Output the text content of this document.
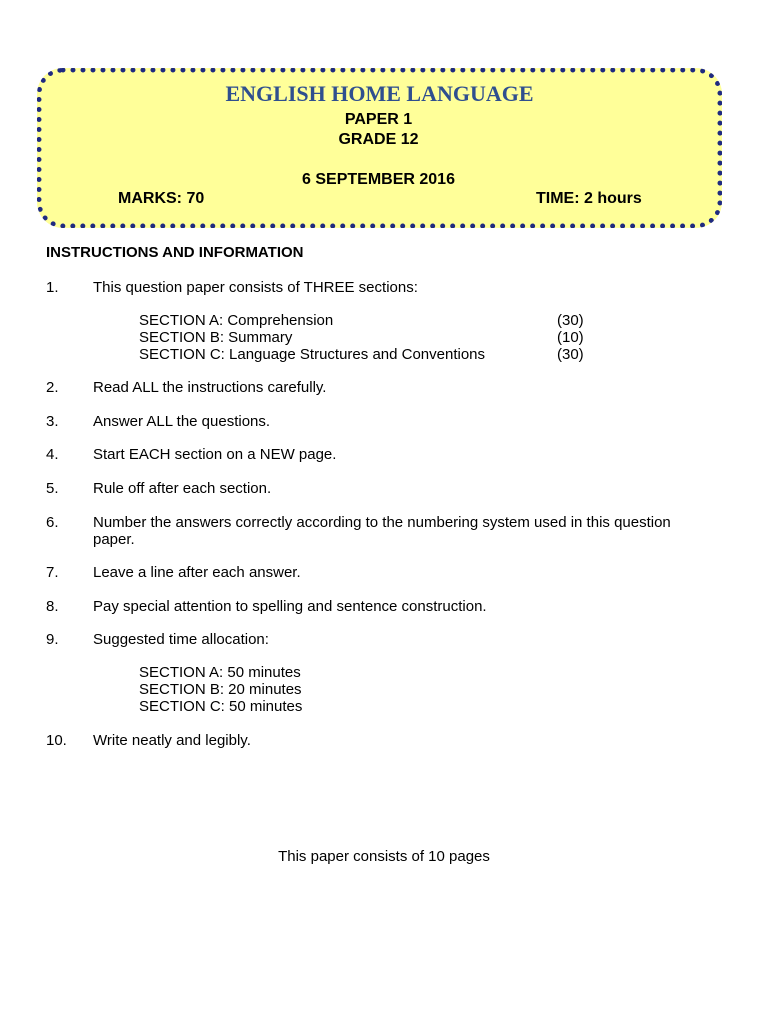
ENGLISH HOME LANGUAGE
PAPER 1
GRADE 12
6 SEPTEMBER 2016
MARKS: 70	TIME: 2 hours
INSTRUCTIONS AND INFORMATION
1. This question paper consists of THREE sections:
SECTION A: Comprehension	(30)
SECTION B: Summary	(10)
SECTION C: Language Structures and Conventions	(30)
2. Read ALL the instructions carefully.
3. Answer ALL the questions.
4. Start EACH section on a NEW page.
5. Rule off after each section.
6. Number the answers correctly according to the numbering system used in this question paper.
7. Leave a line after each answer.
8. Pay special attention to spelling and sentence construction.
9. Suggested time allocation:
SECTION A: 50 minutes
SECTION B: 20 minutes
SECTION C: 50 minutes
10. Write neatly and legibly.
This paper consists of 10 pages
